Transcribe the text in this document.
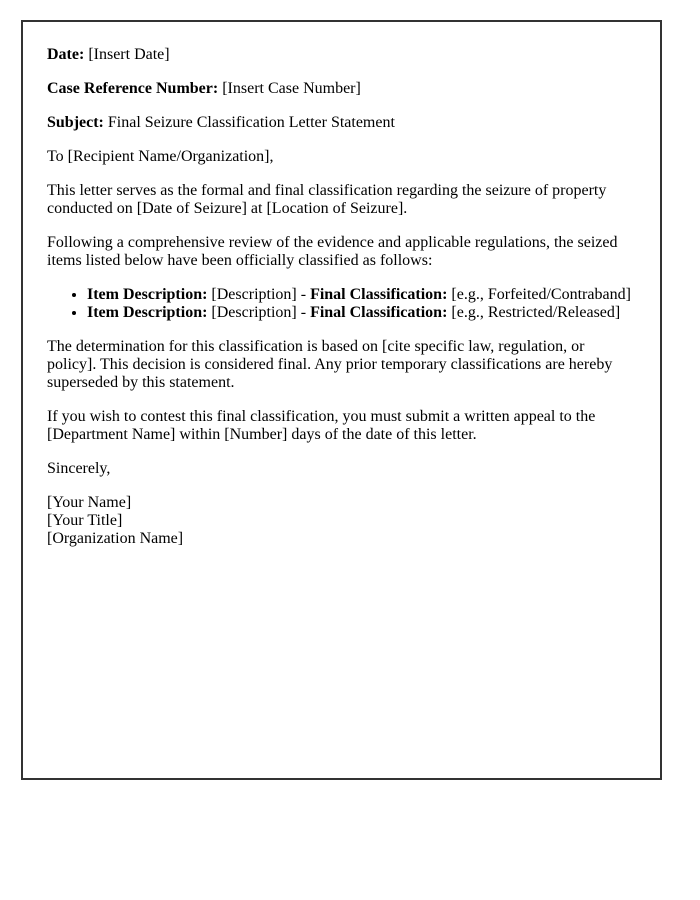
Date: [Insert Date]

Case Reference Number: [Insert Case Number]

Subject: Final Seizure Classification Letter Statement

To [Recipient Name/Organization],

This letter serves as the formal and final classification regarding the seizure of property conducted on [Date of Seizure] at [Location of Seizure].

Following a comprehensive review of the evidence and applicable regulations, the seized items listed below have been officially classified as follows:

• Item Description: [Description] - Final Classification: [e.g., Forfeited/Contraband]
• Item Description: [Description] - Final Classification: [e.g., Restricted/Released]

The determination for this classification is based on [cite specific law, regulation, or policy]. This decision is considered final. Any prior temporary classifications are hereby superseded by this statement.

If you wish to contest this final classification, you must submit a written appeal to the [Department Name] within [Number] days of the date of this letter.

Sincerely,

[Your Name]
[Your Title]
[Organization Name]
